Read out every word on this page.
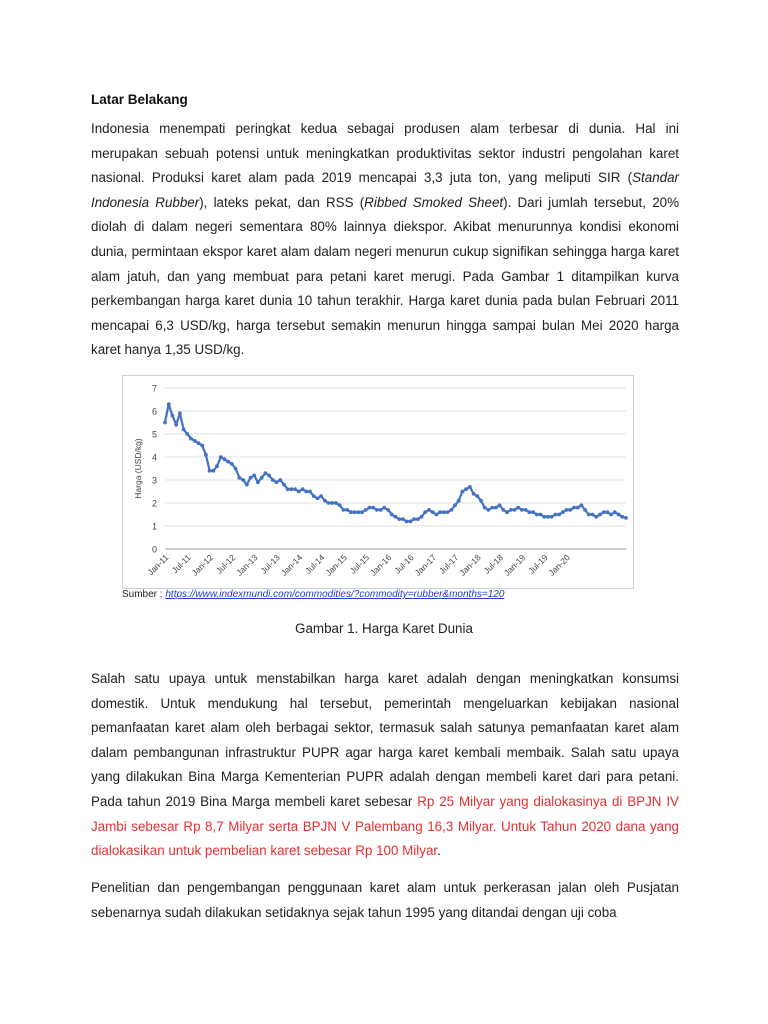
Latar Belakang

Indonesia menempati peringkat kedua sebagai produsen alam terbesar di dunia. Hal ini merupakan sebuah potensi untuk meningkatkan produktivitas sektor industri pengolahan karet nasional. Produksi karet alam pada 2019 mencapai 3,3 juta ton, yang meliputi SIR (Standar Indonesia Rubber), lateks pekat, dan RSS (Ribbed Smoked Sheet). Dari jumlah tersebut, 20% diolah di dalam negeri sementara 80% lainnya diekspor. Akibat menurunnya kondisi ekonomi dunia, permintaan ekspor karet alam dalam negeri menurun cukup signifikan sehingga harga karet alam jatuh, dan yang membuat para petani karet merugi. Pada Gambar 1 ditampilkan kurva perkembangan harga karet dunia 10 tahun terakhir. Harga karet dunia pada bulan Februari 2011 mencapai 6,3 USD/kg, harga tersebut semakin menurun hingga sampai bulan Mei 2020 harga karet hanya 1,35 USD/kg.

0
1
2
3
4
5
6
7
Harga (USD/kg)
Jan-11 Jul-11
Jan-12
Jul-12
Jan-13
Jul-13
Jan-14
Jul-14
Jan-15
Jul-15
Jan-16
Jul-16
Jan-17
Jul-17
Jan-18
Jul-18
Jan-19
Jul-19
Jan-20
Sumber : https://www.indexmundi.com/commodities/?commodity=rubber&months=120
Gambar 1. Harga Karet Dunia

Salah satu upaya untuk menstabilkan harga karet adalah dengan meningkatkan konsumsi domestik. Untuk mendukung hal tersebut, pemerintah mengeluarkan kebijakan nasional pemanfaatan karet alam oleh berbagai sektor, termasuk salah satunya pemanfaatan karet alam dalam pembangunan infrastruktur PUPR agar harga karet kembali membaik. Salah satu upaya yang dilakukan Bina Marga Kementerian PUPR adalah dengan membeli karet dari para petani. Pada tahun 2019 Bina Marga membeli karet sebesar Rp 25 Milyar yang dialokasinya di BPJN IV Jambi sebesar Rp 8,7 Milyar serta BPJN V Palembang 16,3 Milyar. Untuk Tahun 2020 dana yang dialokasikan untuk pembelian karet sebesar Rp 100 Milyar.

Penelitian dan pengembangan penggunaan karet alam untuk perkerasan jalan oleh Pusjatan sebenarnya sudah dilakukan setidaknya sejak tahun 1995 yang ditandai dengan uji coba
